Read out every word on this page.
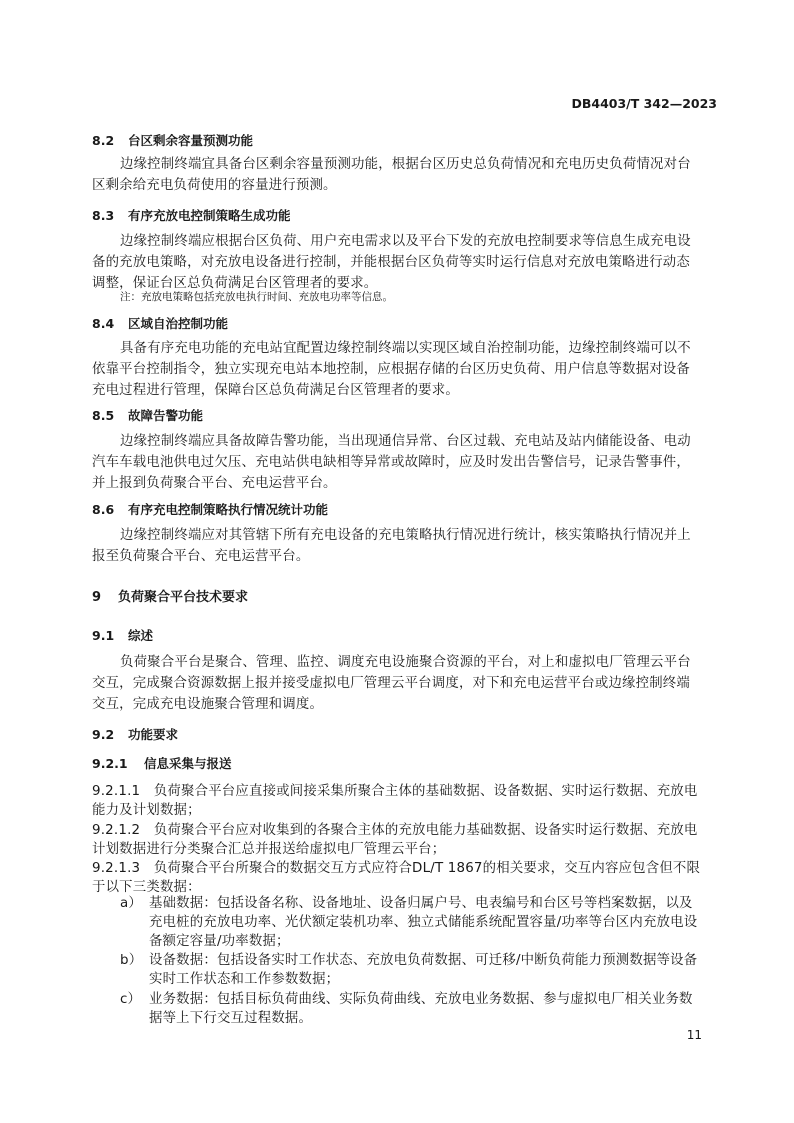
DB4403/T 342—2023
8.2 台区剩余容量预测功能
边缘控制终端宜具备台区剩余容量预测功能，根据台区历史总负荷情况和充电历史负荷情况对台
区剩余给充电负荷使用的容量进行预测。
8.3 有序充放电控制策略生成功能
边缘控制终端应根据台区负荷、用户充电需求以及平台下发的充放电控制要求等信息生成充电设
备的充放电策略，对充放电设备进行控制，并能根据台区负荷等实时运行信息对充放电策略进行动态
调整，保证台区总负荷满足台区管理者的要求。
注：充放电策略包括充放电执行时间、充放电功率等信息。
8.4 区域自治控制功能
具备有序充电功能的充电站宜配置边缘控制终端以实现区域自治控制功能，边缘控制终端可以不
依靠平台控制指令，独立实现充电站本地控制，应根据存储的台区历史负荷、用户信息等数据对设备
充电过程进行管理，保障台区总负荷满足台区管理者的要求。
8.5 故障告警功能
边缘控制终端应具备故障告警功能，当出现通信异常、台区过载、充电站及站内储能设备、电动
汽车车载电池供电过欠压、充电站供电缺相等异常或故障时，应及时发出告警信号，记录告警事件，
并上报到负荷聚合平台、充电运营平台。
8.6 有序充电控制策略执行情况统计功能
边缘控制终端应对其管辖下所有充电设备的充电策略执行情况进行统计，核实策略执行情况并上
报至负荷聚合平台、充电运营平台。
9 负荷聚合平台技术要求
9.1 综述
负荷聚合平台是聚合、管理、监控、调度充电设施聚合资源的平台，对上和虚拟电厂管理云平台
交互，完成聚合资源数据上报并接受虚拟电厂管理云平台调度，对下和充电运营平台或边缘控制终端
交互，完成充电设施聚合管理和调度。
9.2 功能要求
9.2.1 信息采集与报送
9.2.1.1　负荷聚合平台应直接或间接采集所聚合主体的基础数据、设备数据、实时运行数据、充放电
能力及计划数据；
9.2.1.2　负荷聚合平台应对收集到的各聚合主体的充放电能力基础数据、设备实时运行数据、充放电
计划数据进行分类聚合汇总并报送给虚拟电厂管理云平台；
9.2.1.3　负荷聚合平台所聚合的数据交互方式应符合DL/T 1867的相关要求，交互内容应包含但不限
于以下三类数据：
a） 基础数据：包括设备名称、设备地址、设备归属户号、电表编号和台区号等档案数据，以及
充电桩的充放电功率、光伏额定装机功率、独立式储能系统配置容量/功率等台区内充放电设
备额定容量/功率数据；
b） 设备数据：包括设备实时工作状态、充放电负荷数据、可迁移/中断负荷能力预测数据等设备
实时工作状态和工作参数数据；
c） 业务数据：包括目标负荷曲线、实际负荷曲线、充放电业务数据、参与虚拟电厂相关业务数
据等上下行交互过程数据。
11
